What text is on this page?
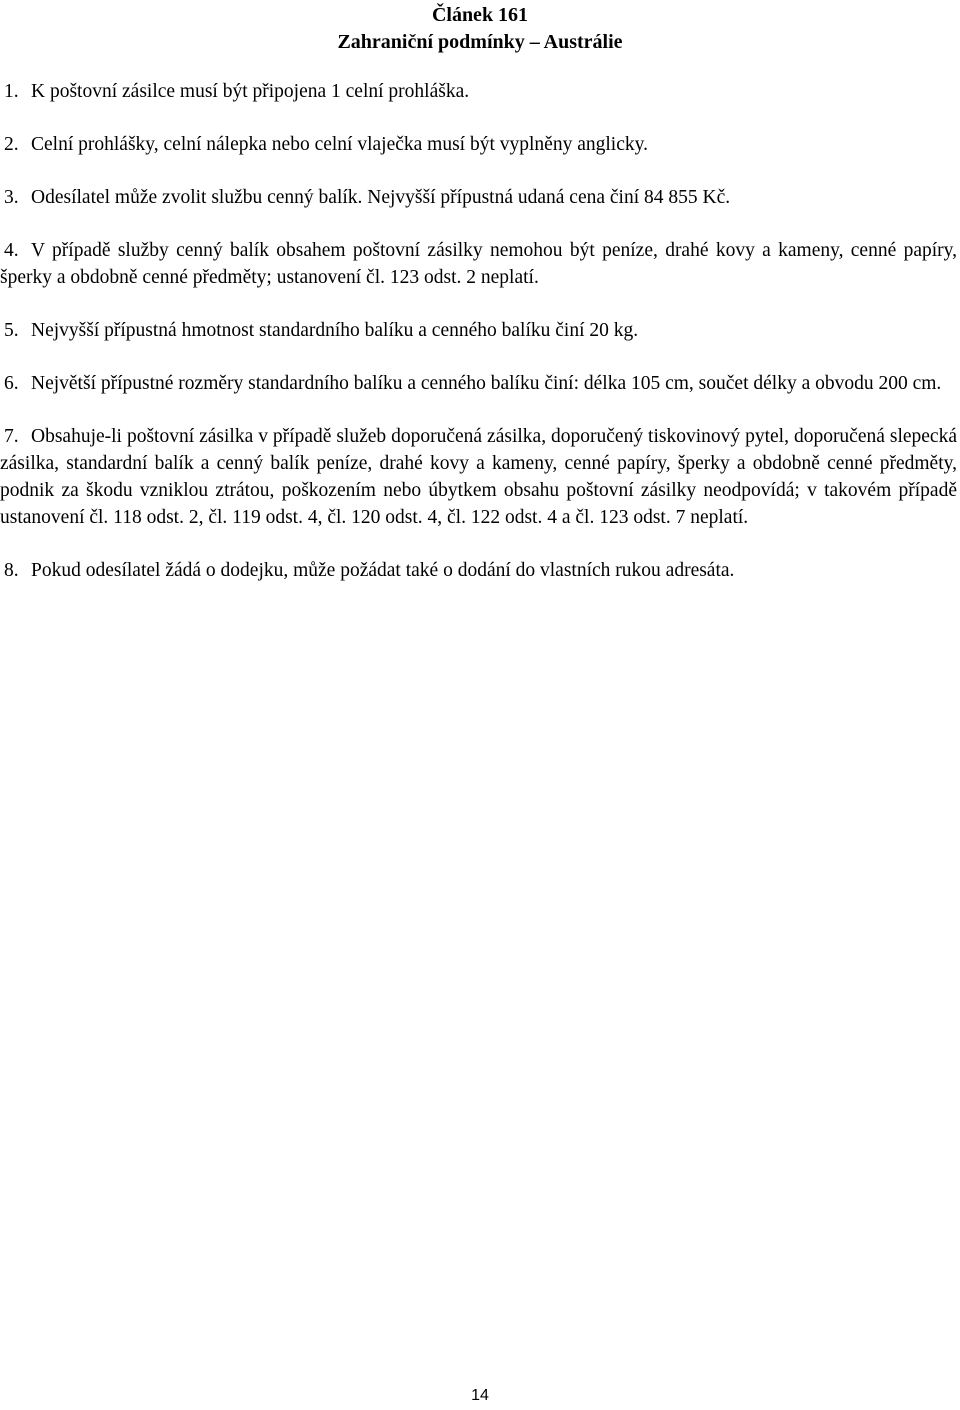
Článek 161
Zahraniční podmínky – Austrálie

1. K poštovní zásilce musí být připojena 1 celní prohláška.

2. Celní prohlášky, celní nálepka nebo celní vlaječka musí být vyplněny anglicky.

3. Odesílatel může zvolit službu cenný balík. Nejvyšší přípustná udaná cena činí 84 855 Kč.

4. V případě služby cenný balík obsahem poštovní zásilky nemohou být peníze, drahé kovy a kameny, cenné papíry, šperky a obdobně cenné předměty; ustanovení čl. 123 odst. 2 neplatí.

5. Nejvyšší přípustná hmotnost standardního balíku a cenného balíku činí 20 kg.

6. Největší přípustné rozměry standardního balíku a cenného balíku činí: délka 105 cm, součet délky a obvodu 200 cm.

7. Obsahuje-li poštovní zásilka v případě služeb doporučená zásilka, doporučený tiskovinový pytel, doporučená slepecká zásilka, standardní balík a cenný balík peníze, drahé kovy a kameny, cenné papíry, šperky a obdobně cenné předměty, podnik za škodu vzniklou ztrátou, poškozením nebo úbytkem obsahu poštovní zásilky neodpovídá; v takovém případě ustanovení čl. 118 odst. 2, čl. 119 odst. 4, čl. 120 odst. 4, čl. 122 odst. 4 a čl. 123 odst. 7 neplatí.

8. Pokud odesílatel žádá o dodejku, může požádat také o dodání do vlastních rukou adresáta.

14
